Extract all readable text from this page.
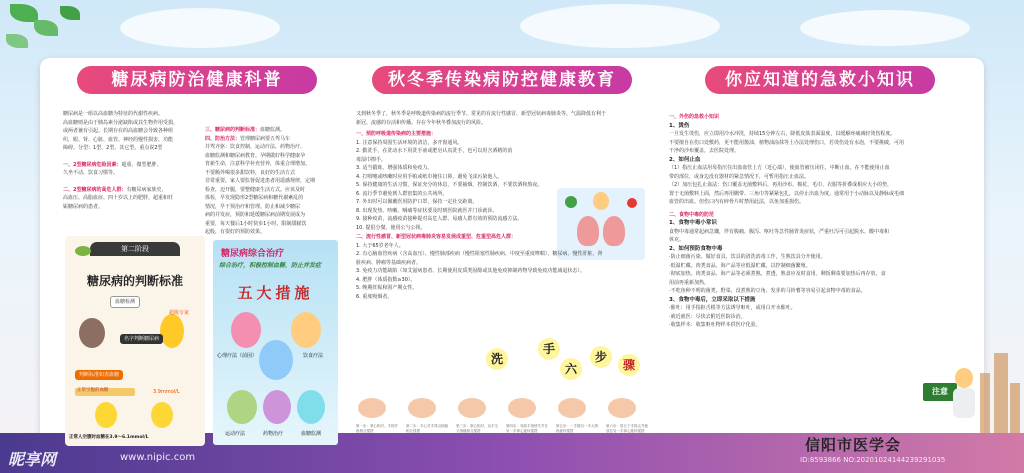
糖尿病防治健康科普
糖尿病是一组以高血糖为特征的代谢性疾病。
高血糖则是由于胰岛素分泌缺陷或其生物作用受损，
或两者兼有引起。长期存在的高血糖会导致各种组
织，眼、肾、心脏、血管、神经的慢性损害、功能
障碍。分型：1型、2型、其它型。重点说2型
一、2型糖尿病危险因素：超重、微型肥胖、
久坐不动、饮食习惯等。
二、2型糖尿病的高危人群：有糖尿病家族史、
高血压、高脂血症、四十岁以上的肥胖、超重和妊
娠糖尿病的患者。
三、糖尿病的判断标准：血糖监测。
四、防治方法：管理糖尿病要五驾马车
并驾齐驱：饮食控制、运动疗法、药物治疗、
血糖监测和糖尿病教育。孕期做好科学健康孕
育新生命，注意科学补充营养，体重合理增加。
不要额外喝很多甜饮料，良好的生活方式
非常重要。家人要监督促进患者用遥感规律，定期
检查，迈开腿，要整健康生活方式。应该及时
体检，早发现隐形2型糖尿病和糖代谢紊乱的
情况，早干预治疗和管理。防止和减少糖尿
病的并发症，预防和延缓糖尿病前期发展成为
重要，每天餐后1小时快步1小时，限制甜腻饮
起般，有很好的预防效果。
第二阶段
糖尿病的判断标准
血糖检测
超级专家
名字判断糖尿病
判断标准如表血糖
正常空腹的血糖	3.9mmol/L
正常人空腹时血糖在3.9～6.1mmol/L
糖尿病综合治疗
综合治疗，积极控制血糖，防止并发症
五大措施
心理疗法（前因）	饮食疗法
运动疗法	药物治疗	血糖监测
秋冬季传染病防控健康教育
又到秋冬季了，秋冬季是呼吸道传染病的流行季节。常见的有流行性感冒、新型冠状病毒肺炎等。气温降低有利于
新冠、流感的存活和传播。存在今年秋冬叠加流行的风险。
一、预防呼吸道传染病的主要措施：
1. 注意保持周围生活环境的清洁，多开窗通风。
2. 勤洗手，在洗动水下用洗手液或肥皂认真洗手，也可以用含酒精的消
毒湿巾擦手。
3. 适当锻炼，增强体质和免疫力。
4. 打喷嚏或咳嗽时应用手帕或纸巾掩住口鼻，避免飞沫污染他人。
5. 保持健康的生活习惯，保证充分的休息，不要抽烟，控制饮酒，不要饮酒和熬夜。
6. 流行季节避免到人群密集的公共场所。
7. 外出时可以佩戴医用防护口罩，保持一定社交距离。
8. 出现发热、咳嗽、咽痛等症状要及时到医院就医并门诊就诊。
9. 接种疫苗，流感疫苗接种提对高危人群、易感人群有效的预防流感方法。
10. 提倡分餐，使用公勺公筷。
二、流行性感冒、新型冠状病毒肺炎容易发展成重型、危重型高危人群：
1. 大于65岁老年人。
2. 有心脑血管疾病（含高血压）、慢性肺部疾病（慢性阻塞性肺疾病、中度至重度哮喘）、糖尿病、慢性肝脏、肾
脏疾病、肿瘤等基础疾病者。
3. 免疫力功能缺陷（如艾滋病患者、长期使用皮质类固醇或其他免疫抑制药物导致免疫功能减退状态）。
4. 肥胖（体质指数≥30）。
5. 晚期妊娠和围产期女性。
6. 重度吸烟者。
洗
手
六
步
骤
第一步：掌心相对，手指并拢相互揉搓
第二步：手心对手背沿指缝相互揉搓
第三步：掌心相对，双手交叉指缝相互揉搓
第四步：弯曲手指使关节在另一手掌心旋转揉搓
第五步：一手握另一手大拇指旋转揉搓
第六步：将五个手指尖并拢放在另一手掌心旋转揉搓
你应知道的急救小知识
一、外伤的急救小知识
1、烫伤
一旦发生烫伤，应立即用冷水冲洗，持续15分钟左右，降低皮肤表面温度，以缓解疼痛减轻烫伤程度。
不要擅自在伤口处敷药，更不能用酱油、植物油涂抹等土办法处理伤口，若烫伤处有水泡，不要挑破，可用
干净的沙布覆盖，去医院处理。
2、如何止血
（1）指压止血法用母指压住出血血管上方（近心端），使血管被压闭住，中断止血。在不能使用止血
带的部位，或身边没有器材的紧急情况下，可暂用指压止血法。
（2）加压包扎止血法：伤口覆盖无菌敷料后，再用沙布、棉花、毛巾、衣服等折叠成相应大小的垫，
置于无菌敷料上面，然后再用绷带、三角巾等紧紧包扎，以停止出血为度。通常用于小动脉以及静脉或毛细
血管的出血。但伤口内有碎骨片时禁用此法，以免加重损伤。
二、食物中毒的防范
1、食物中毒小常识
食物中毒通常起病急骤，伴有腹痛、腹泻、呕吐等急性肠胃炎症状，严重吐泻可引起脱水、酸中毒和
休克。
2、如何预防食物中毒
·防止细菌污染。做好食具、饮具的清洗消毒工作，生熟饮具分开使用。
·低温贮藏。肉类食品、海产品等应低温贮藏，以控制细菌繁殖。
·彻底加热。肉类食品、海产品等必须煮熟、煮透，熟食应及时食用。剩饭剩菜要加热后再存放，食
用前再重新加热。
·不吃鱼种不明的菌类、野菜、没煮熟的豆角、发芽的马铃薯等容易引起食物中毒的食品。
3、食物中毒后，立即采取以下措施
·催吐：用手指抠舌根等方法诱导呕吐，或用白开水催吐。
·就近就医：尽快去附近医院诊治。
·收集样本：收集呕吐物样本供医疗化验。
注意
信阳市医学会
昵享网	www.nipic.com	ID:8593866 NO:20201024144239291035
